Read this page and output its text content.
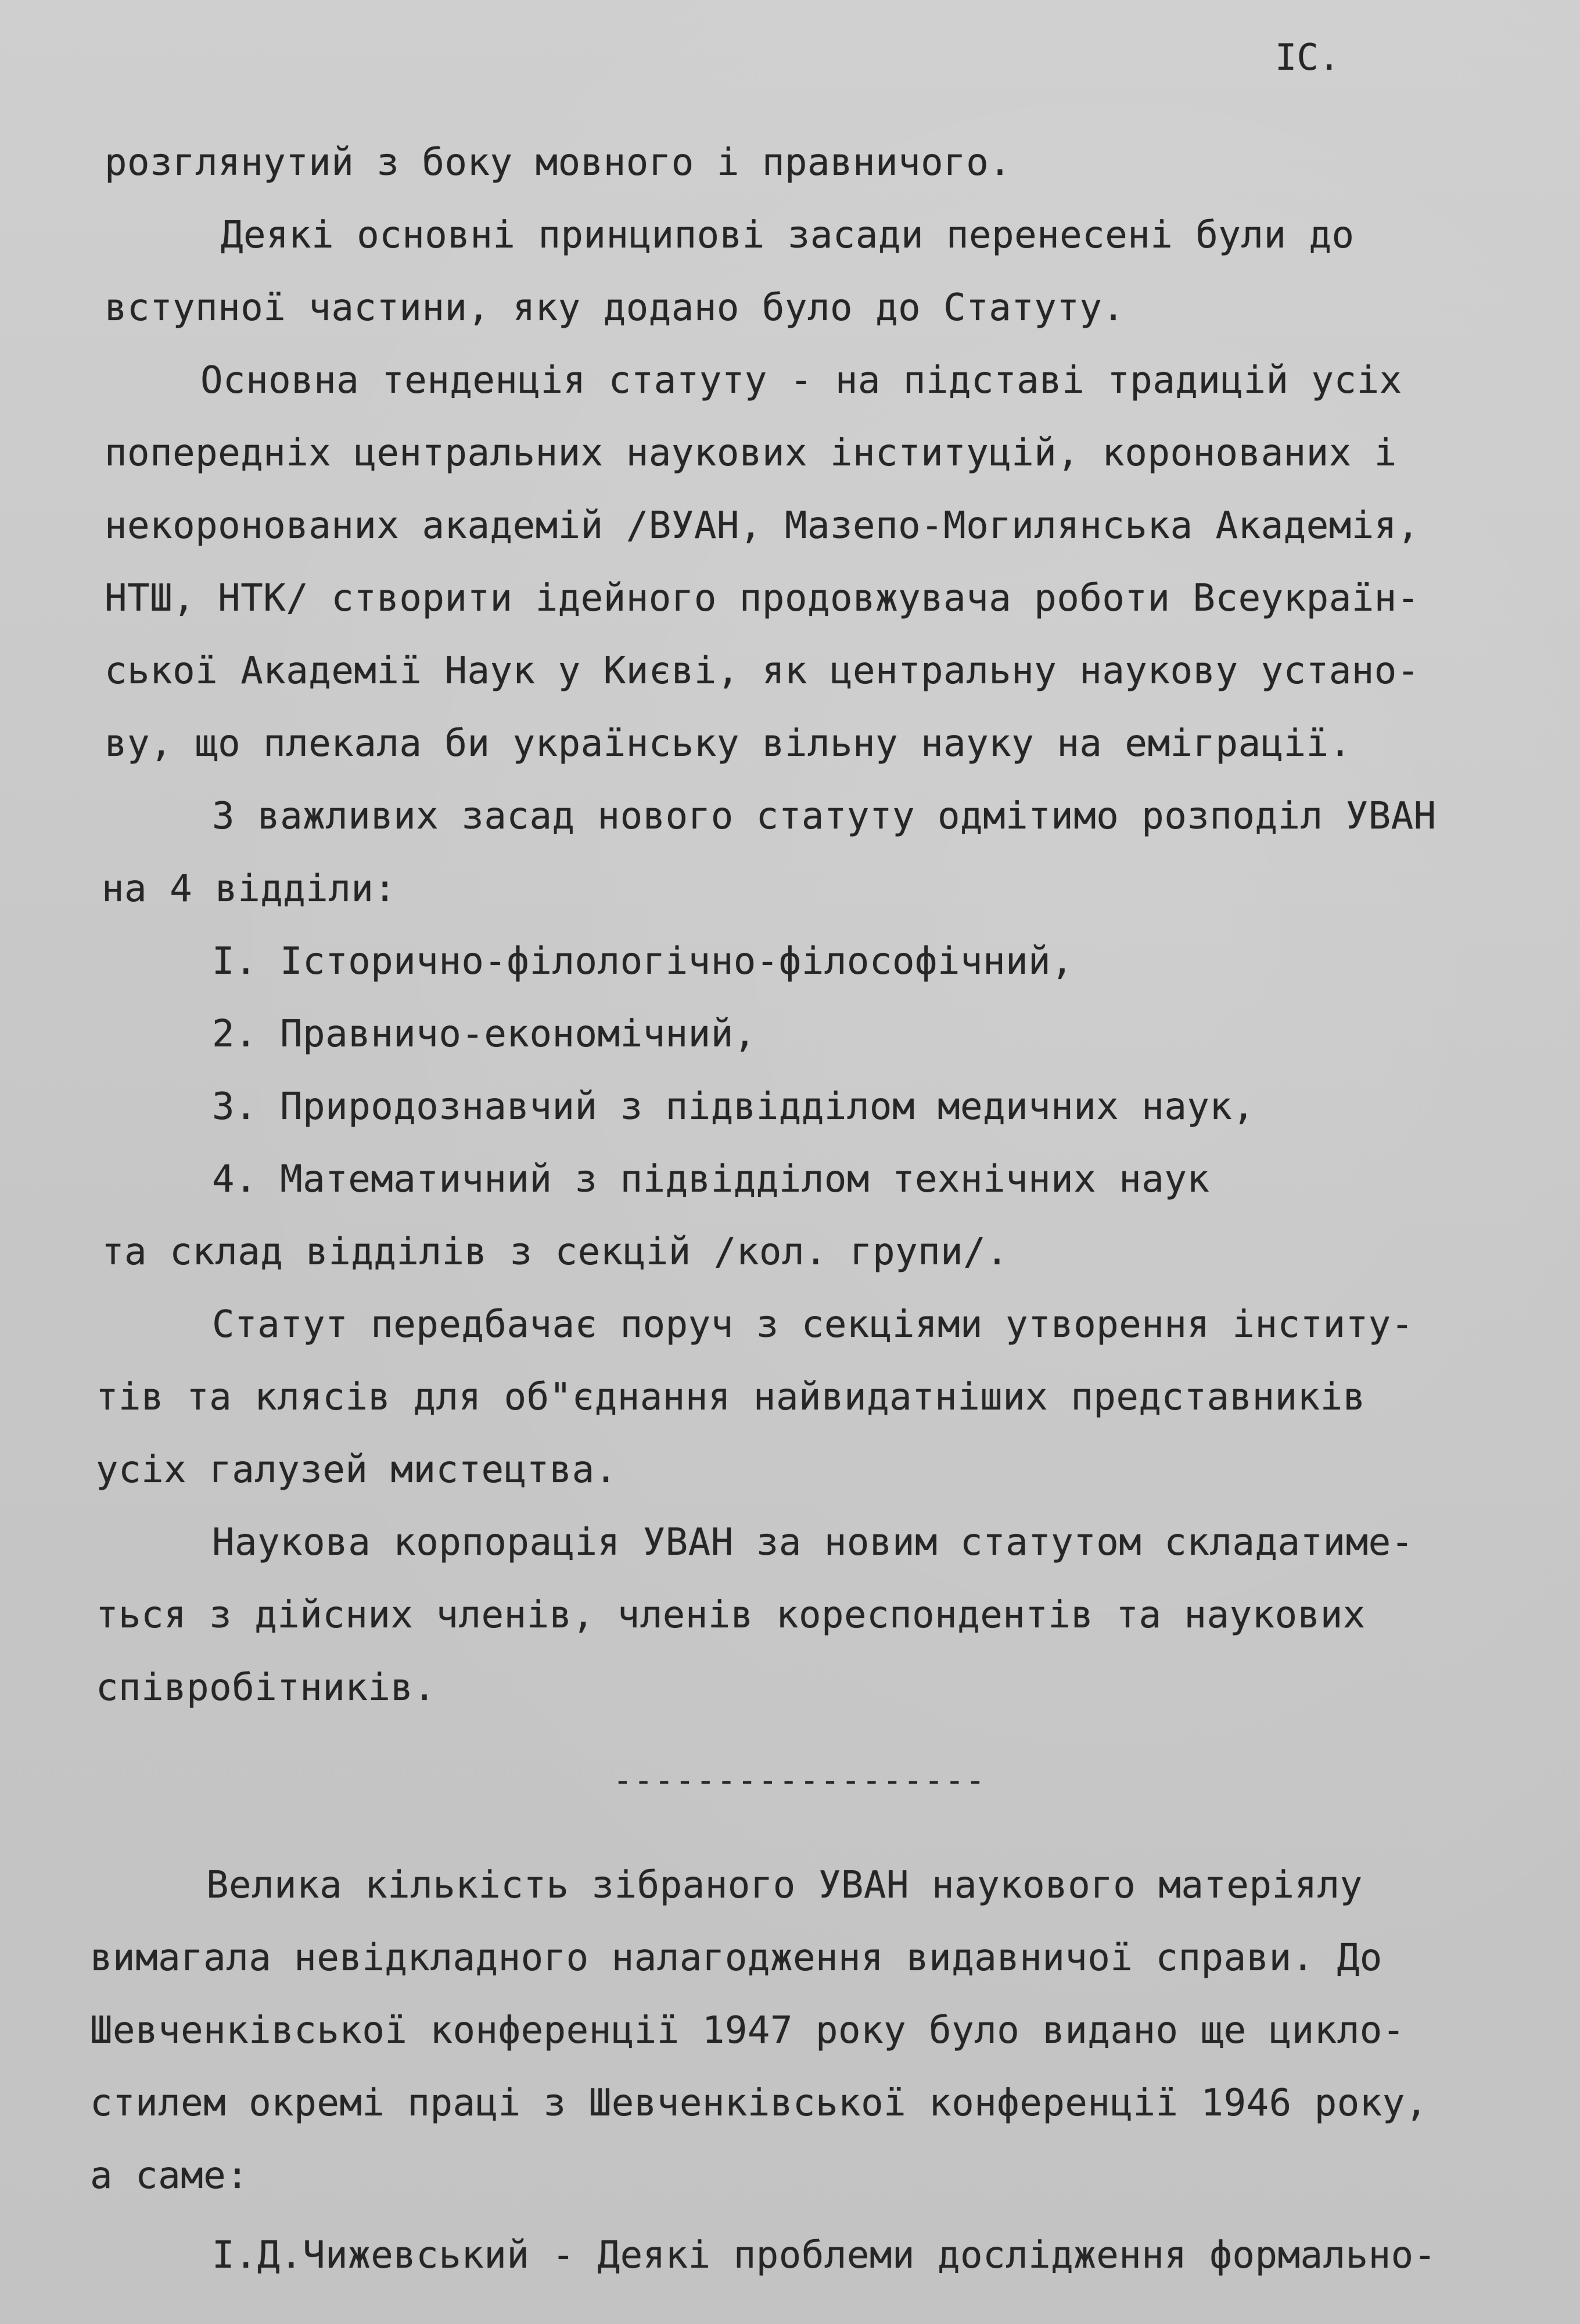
IC.
розглянутий з боку мовного і правничого.
Деякі основні принципові засади перенесені були до
вступної частини, яку додано було до Статуту.
Основна тенденція статуту - на підставі традицій усіх
попередніх центральних наукових інституцій, коронованих і
некоронованих академій /ВУАН, Мазепо-Могилянська Академія,
НТШ, НТК/ створити ідейного продовжувача роботи Всеукраїн-
ської Академії Наук у Києві, як центральну наукову устано-
ву, що плекала би українську вільну науку на еміграції.
З важливих засад нового статуту одмітимо розподіл УВАН
на 4 відділи:
I. Історично-філологічно-філософічний,
2. Правничо-економічний,
3. Природознавчий з підвідділом медичних наук,
4. Математичний з підвідділом технічних наук
та склад відділів з секцій /кол. групи/.
Статут передбачає поруч з секціями утворення інститу-
тів та клясів для об"єднання найвидатніших представників
усіх галузей мистецтва.
Наукова корпорація УВАН за новим статутом складатиме-
ться з дійсних членів, членів кореспондентів та наукових
співробітників.
------------------
Велика кількість зібраного УВАН наукового матеріялу
вимагала невідкладного налагодження видавничої справи. До
Шевченківської конференції 1947 року було видано ще цикло-
стилем окремі праці з Шевченківської конференції 1946 року,
а саме:
I.Д.Чижевський - Деякі проблеми дослідження формально-
